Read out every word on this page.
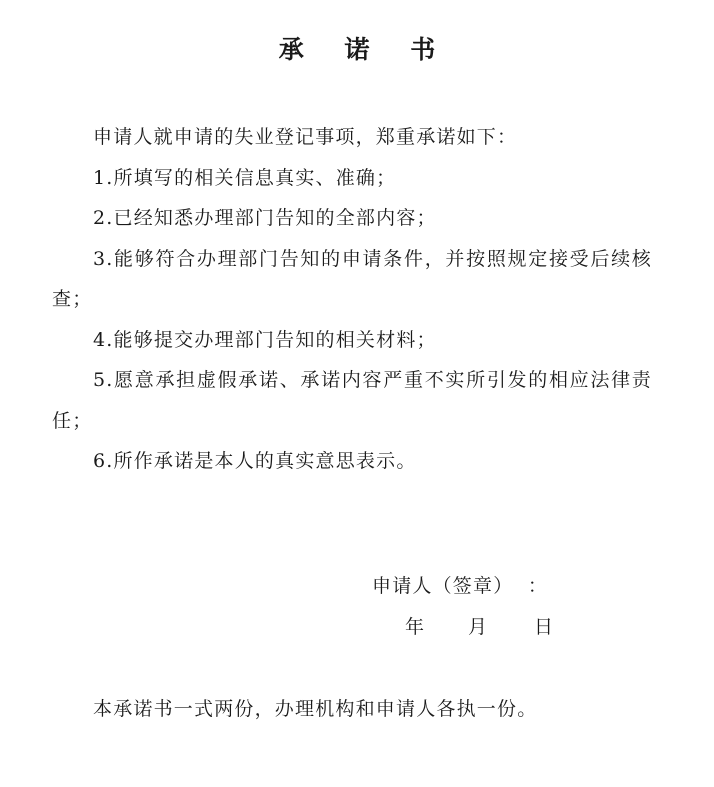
承 诺 书

申请人就申请的失业登记事项，郑重承诺如下：

1.所填写的相关信息真实、准确；

2.已经知悉办理部门告知的全部内容；

3.能够符合办理部门告知的申请条件，并按照规定接受后续核查；

4.能够提交办理部门告知的相关材料；

5.愿意承担虚假承诺、承诺内容严重不实所引发的相应法律责任；

6.所作承诺是本人的真实意思表示。

申请人（签章）  ：
年	月	日
本承诺书一式两份，办理机构和申请人各执一份。
